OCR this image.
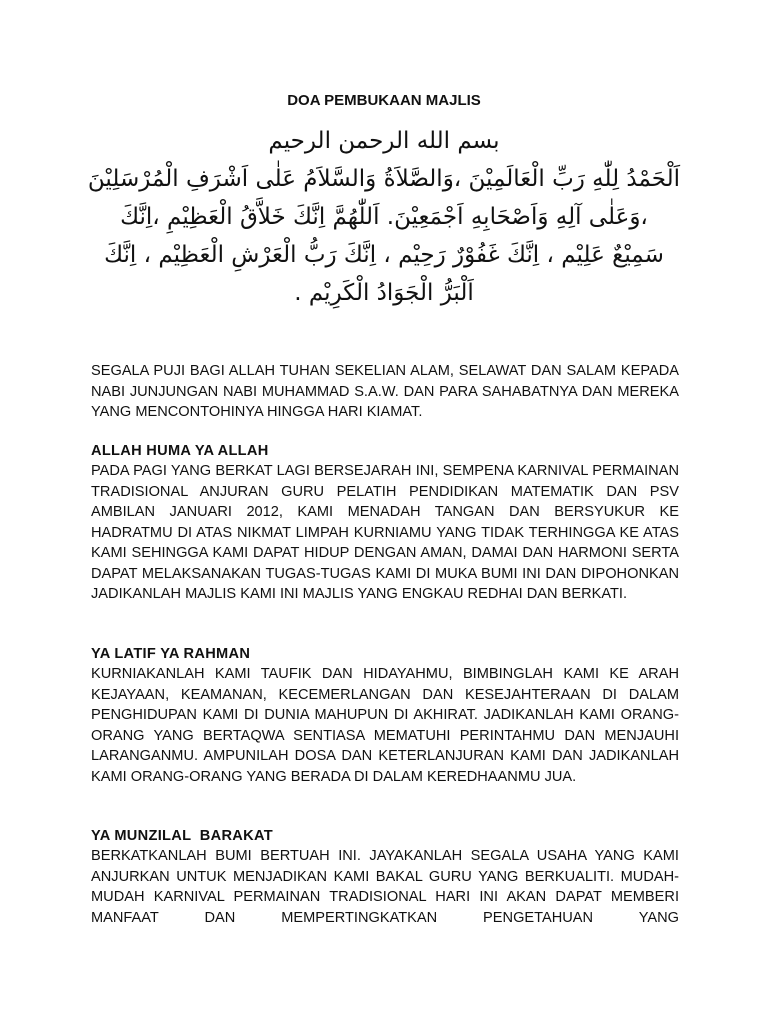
DOA PEMBUKAAN MAJLIS
بسم الله الرحمن الرحيم
اَلْحَمْدُ لِلّٰهِ رَبِّ الْعَالَمِيْنَ ،وَالصَّلاَةُ وَالسَّلاَمُ عَلٰى اَشْرَفِ الْمُرْسَلِيْنَ
،وَعَلٰى آلِهِ وَاَصْحَابِهِ اَجْمَعِيْنَ. اَللّٰهُمَّ اِنَّكَ خَلاَّقُ الْعَظِيْمِ ،اِنَّكَ
سَمِيْعٌ عَلِيْم ، اِنَّكَ غَفُوْرٌ رَحِيْم ، اِنَّكَ رَبُّ الْعَرْشِ الْعَظِيْم ، اِنَّكَ
اَلْبَرُّ الْجَوَادُ الْكَرِيْم .

SEGALA PUJI BAGI ALLAH TUHAN SEKELIAN ALAM, SELAWAT DAN SALAM KEPADA NABI JUNJUNGAN NABI MUHAMMAD S.A.W. DAN PARA SAHABATNYA DAN MEREKA YANG MENCONTOHINYA HINGGA HARI KIAMAT.

ALLAH HUMA YA ALLAH

PADA PAGI YANG BERKAT LAGI BERSEJARAH INI, SEMPENA KARNIVAL PERMAINAN TRADISIONAL ANJURAN GURU PELATIH PENDIDIKAN MATEMATIK DAN PSV AMBILAN JANUARI 2012, KAMI MENADAH TANGAN DAN BERSYUKUR KE HADRATMU DI ATAS NIKMAT LIMPAH KURNIAMU YANG TIDAK TERHINGGA KE ATAS KAMI SEHINGGA KAMI DAPAT HIDUP DENGAN AMAN, DAMAI DAN HARMONI SERTA DAPAT MELAKSANAKAN TUGAS-TUGAS KAMI DI MUKA BUMI INI DAN DIPOHONKAN JADIKANLAH MAJLIS KAMI INI MAJLIS YANG ENGKAU REDHAI DAN BERKATI.

YA LATIF YA RAHMAN

KURNIAKANLAH KAMI TAUFIK DAN HIDAYAHMU, BIMBINGLAH KAMI KE ARAH KEJAYAAN, KEAMANAN, KECEMERLANGAN DAN KESEJAHTERAAN DI DALAM PENGHIDUPAN KAMI DI DUNIA MAHUPUN DI AKHIRAT. JADIKANLAH KAMI ORANG-ORANG YANG BERTAQWA SENTIASA MEMATUHI PERINTAHMU DAN MENJAUHI LARANGANMU. AMPUNILAH DOSA DAN KETERLANJURAN KAMI DAN JADIKANLAH KAMI ORANG-ORANG YANG BERADA DI DALAM KEREDHAANMU JUA.

YA MUNZILAL  BARAKAT

BERKATKANLAH BUMI BERTUAH INI. JAYAKANLAH SEGALA USAHA YANG KAMI ANJURKAN UNTUK MENJADIKAN KAMI BAKAL GURU YANG BERKUALITI. MUDAH-MUDAH KARNIVAL PERMAINAN TRADISIONAL HARI INI AKAN DAPAT MEMBERI MANFAAT DAN MEMPERTINGKATKAN PENGETAHUAN YANG
